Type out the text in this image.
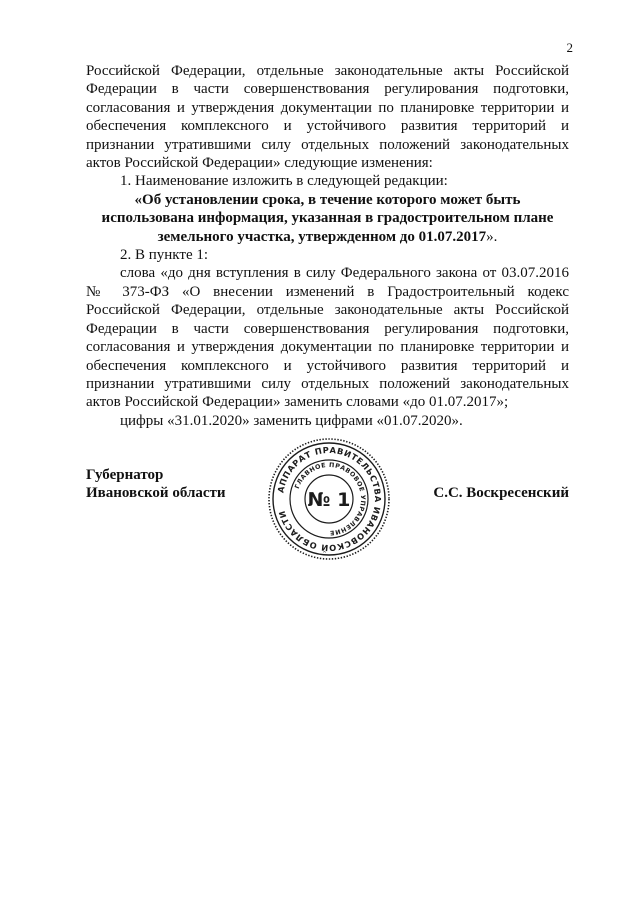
2

Российской Федерации, отдельные законодательные акты Российской Федерации в части совершенствования регулирования подготовки, согласования и утверждения документации по планировке территории и обеспечения комплексного и устойчивого развития территорий и признании утратившими силу отдельных положений законодательных актов Российской Федерации» следующие изменения:

1. Наименование изложить в следующей редакции:

«Об установлении срока, в течение которого может быть использована информация, указанная в градостроительном плане земельного участка, утвержденном до 01.07.2017».

2. В пункте 1:

слова «до дня вступления в силу Федерального закона от 03.07.2016 № 373-ФЗ «О внесении изменений в Градостроительный кодекс Российской Федерации, отдельные законодательные акты Российской Федерации в части совершенствования регулирования подготовки, согласования и утверждения документации по планировке территории и обеспечения комплексного и устойчивого развития территорий и признании утратившими силу отдельных положений законодательных актов Российской Федерации» заменить словами «до 01.07.2017»;

цифры «31.01.2020» заменить цифрами «01.07.2020».

Губернатор
Ивановской области	АППАРАТ ПРАВИТЕЛЬСТВА ИВАНОВСКОЙ ОБЛАСТИ
ГЛАВНОЕ ПРАВОВОЕ УПРАВЛЕНИЕ
№ 1	С.С. Воскресенский
